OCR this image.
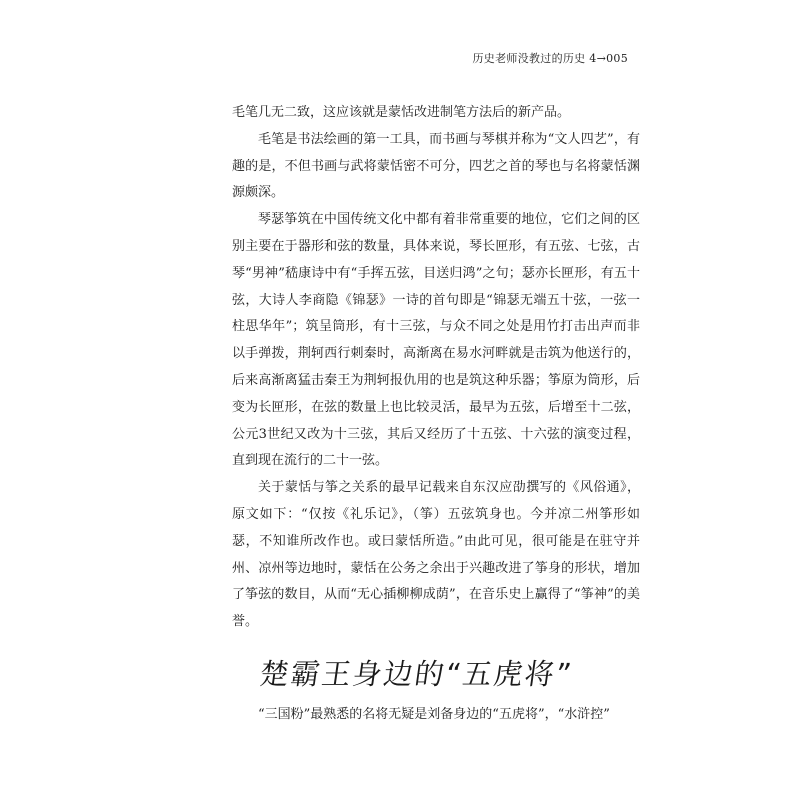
历史老师没教过的历史 4→005

毛笔几无二致，这应该就是蒙恬改进制笔方法后的新产品。

毛笔是书法绘画的第一工具，而书画与琴棋并称为“文人四艺”，有趣的是，不但书画与武将蒙恬密不可分，四艺之首的琴也与名将蒙恬渊源颇深。

琴瑟筝筑在中国传统文化中都有着非常重要的地位，它们之间的区别主要在于器形和弦的数量，具体来说，琴长匣形，有五弦、七弦，古琴“男神”嵇康诗中有“手挥五弦，目送归鸿”之句；瑟亦长匣形，有五十弦，大诗人李商隐《锦瑟》一诗的首句即是“锦瑟无端五十弦，一弦一柱思华年”；筑呈筒形，有十三弦，与众不同之处是用竹打击出声而非以手弹拨，荆轲西行刺秦时，高渐离在易水河畔就是击筑为他送行的，后来高渐离猛击秦王为荆轲报仇用的也是筑这种乐器；筝原为筒形，后变为长匣形，在弦的数量上也比较灵活，最早为五弦，后增至十二弦，公元3世纪又改为十三弦，其后又经历了十五弦、十六弦的演变过程，直到现在流行的二十一弦。

关于蒙恬与筝之关系的最早记载来自东汉应劭撰写的《风俗通》，原文如下：“仅按《礼乐记》，（筝）五弦筑身也。今并凉二州筝形如瑟，不知谁所改作也。或曰蒙恬所造。”由此可见，很可能是在驻守并州、凉州等边地时，蒙恬在公务之余出于兴趣改进了筝身的形状，增加了筝弦的数目，从而“无心插柳柳成荫”，在音乐史上赢得了“筝神”的美誉。

楚霸王身边的“五虎将”

“三国粉”最熟悉的名将无疑是刘备身边的“五虎将”，“水浒控”
